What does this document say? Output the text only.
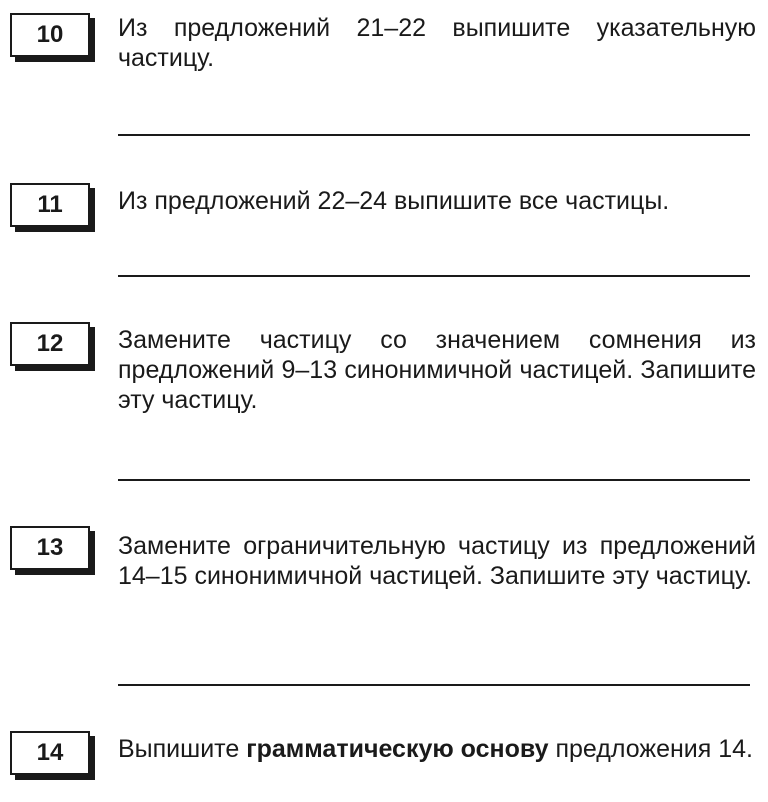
10	Из предложений 21–22 выпишите указательную частицу.
11	Из предложений 22–24 выпишите все частицы.
12	Замените частицу со значением сомнения из предложений 9–13 синонимичной частицей. Запишите эту частицу.
13	Замените ограничительную частицу из предложений 14–15 синонимичной частицей. Запишите эту частицу.
14	Выпишите грамматическую основу предложения 14.
